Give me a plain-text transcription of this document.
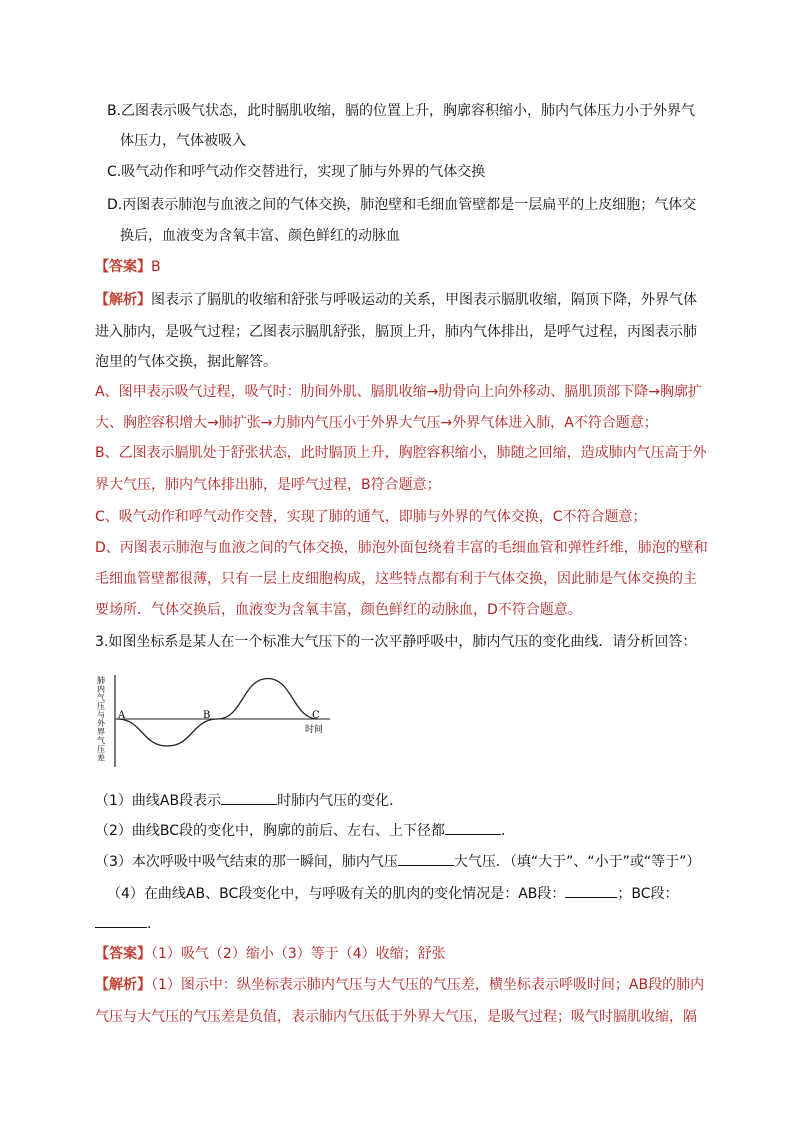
B.乙图表示吸气状态，此时膈肌收缩，膈的位置上升，胸廓容积缩小，肺内气体压力小于外界气
体压力，气体被吸入
C.吸气动作和呼气动作交替进行，实现了肺与外界的气体交换
D.丙图表示肺泡与血液之间的气体交换，肺泡壁和毛细血管壁都是一层扁平的上皮细胞；气体交
换后，血液变为含氧丰富、颜色鲜红的动脉血
【答案】B
【解析】图表示了膈肌的收缩和舒张与呼吸运动的关系，甲图表示膈肌收缩，隔顶下降，外界气体
进入肺内，是吸气过程；乙图表示膈肌舒张，膈顶上升，肺内气体排出，是呼气过程，丙图表示肺
泡里的气体交换，据此解答。
A、图甲表示吸气过程，吸气时：肋间外肌、膈肌收缩→肋骨向上向外移动、膈肌顶部下降→胸廓扩
大、胸腔容积增大→肺扩张→力肺内气压小于外界大气压→外界气体进入肺，A不符合题意；
B、乙图表示膈肌处于舒张状态，此时膈顶上升，胸腔容积缩小，肺随之回缩，造成肺内气压高于外
界大气压，肺内气体排出肺，是呼气过程，B符合题意；
C、吸气动作和呼气动作交替，实现了肺的通气，即肺与外界的气体交换，C不符合题意；
D、丙图表示肺泡与血液之间的气体交换，肺泡外面包绕着丰富的毛细血管和弹性纤维，肺泡的壁和
毛细血管壁都很薄，只有一层上皮细胞构成，这些特点都有利于气体交换，因此肺是气体交换的主
要场所．气体交换后，血液变为含氧丰富，颜色鲜红的动脉血，D不符合题意。
3.如图坐标系是某人在一个标准大气压下的一次平静呼吸中，肺内气压的变化曲线．请分析回答：
肺
内
气
压
与
外
界
气
压
差
A	B	C
时间
（1）曲线AB段表示	时肺内气压的变化．
（2）曲线BC段的变化中，胸廓的前后、左右、上下径都	．
（3）本次呼吸中吸气结束的那一瞬间，肺内气压	大气压．（填“大于”、“小于”或“等于”）
（4）在曲线AB、BC段变化中，与呼吸有关的肌肉的变化情况是：AB段：	；BC段：
．
【答案】（1）吸气（2）缩小（3）等于（4）收缩；舒张
【解析】（1）图示中：纵坐标表示肺内气压与大气压的气压差，横坐标表示呼吸时间；AB段的肺内
气压与大气压的气压差是负值，表示肺内气压低于外界大气压，是吸气过程；吸气时膈肌收缩，隔
